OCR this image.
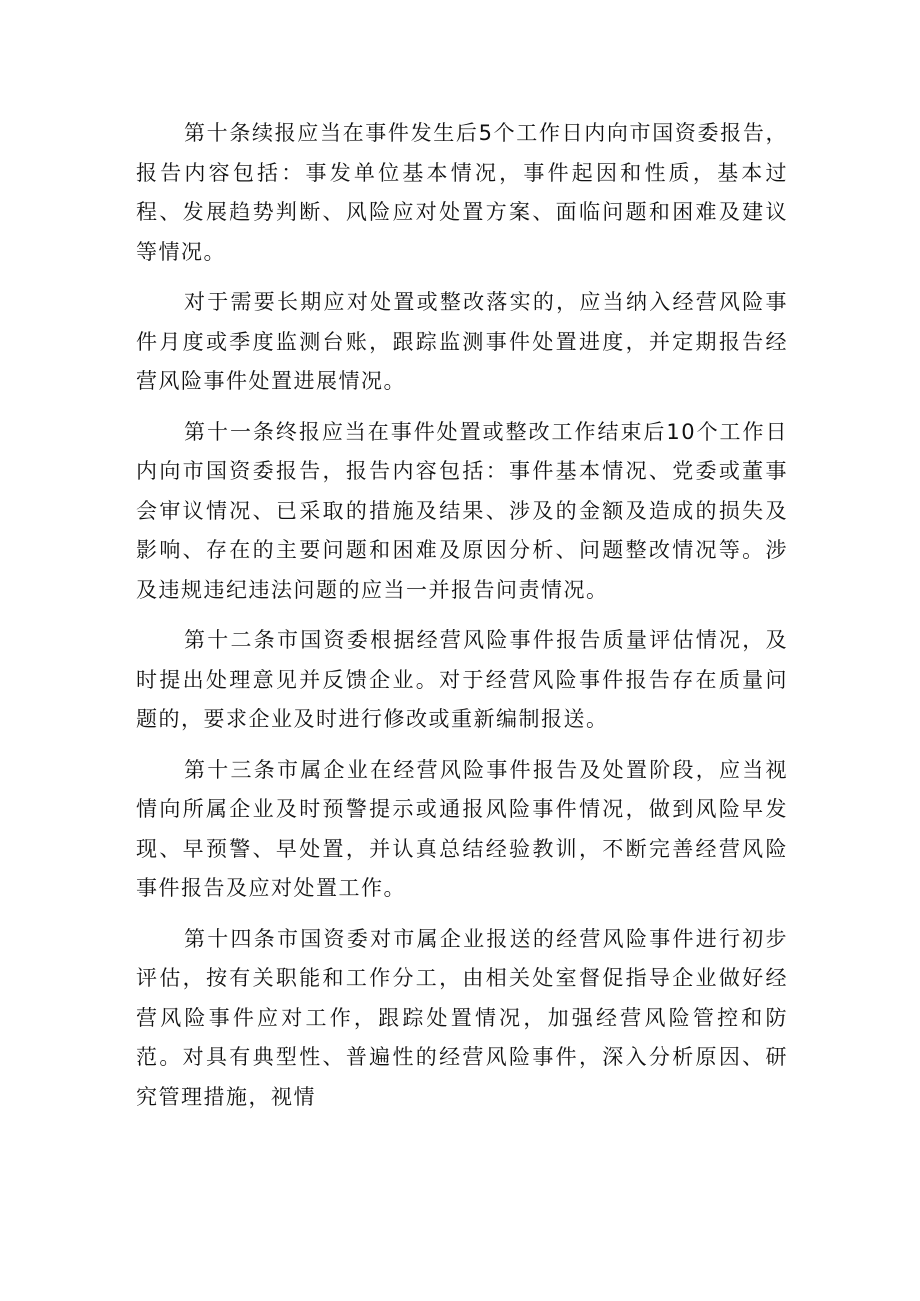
第十条续报应当在事件发生后5个工作日内向市国资委报告，报告内容包括：事发单位基本情况，事件起因和性质，基本过程、发展趋势判断、风险应对处置方案、面临问题和困难及建议等情况。

对于需要长期应对处置或整改落实的，应当纳入经营风险事件月度或季度监测台账，跟踪监测事件处置进度，并定期报告经营风险事件处置进展情况。

第十一条终报应当在事件处置或整改工作结束后10个工作日内向市国资委报告，报告内容包括：事件基本情况、党委或董事会审议情况、已采取的措施及结果、涉及的金额及造成的损失及影响、存在的主要问题和困难及原因分析、问题整改情况等。涉及违规违纪违法问题的应当一并报告问责情况。

第十二条市国资委根据经营风险事件报告质量评估情况，及时提出处理意见并反馈企业。对于经营风险事件报告存在质量问题的，要求企业及时进行修改或重新编制报送。

第十三条市属企业在经营风险事件报告及处置阶段，应当视情向所属企业及时预警提示或通报风险事件情况，做到风险早发现、早预警、早处置，并认真总结经验教训，不断完善经营风险事件报告及应对处置工作。

第十四条市国资委对市属企业报送的经营风险事件进行初步评估，按有关职能和工作分工，由相关处室督促指导企业做好经营风险事件应对工作，跟踪处置情况，加强经营风险管控和防范。对具有典型性、普遍性的经营风险事件，深入分析原因、研究管理措施，视情
